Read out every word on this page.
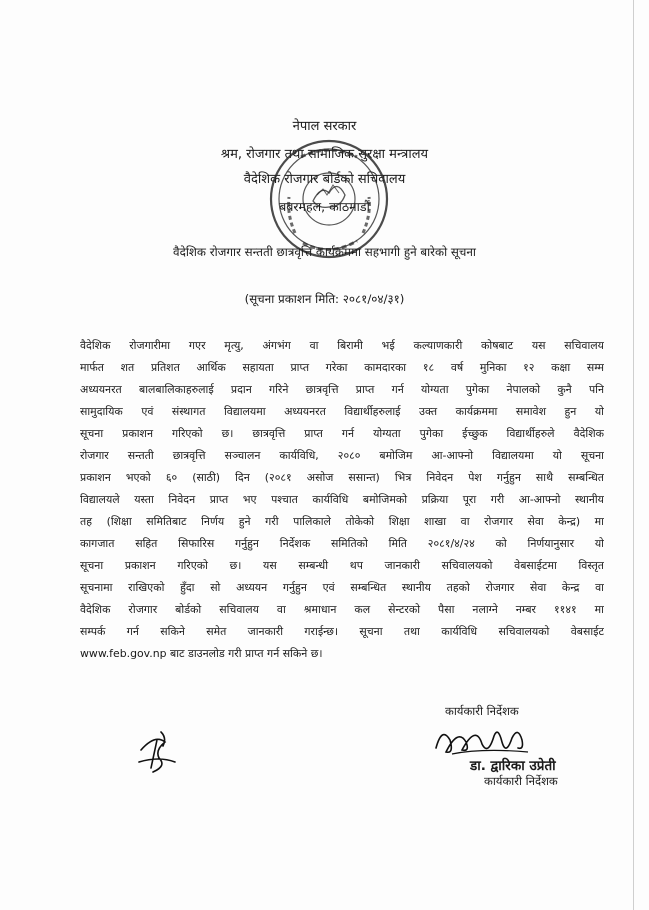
नेपाल सरकार
श्रम, रोजगार तथा सामाजिक सुरक्षा मन्त्रालय
वैदेशिक रोजगार बोर्डको सचिवालय
बबरमहल, काठमाडौं
वैदेशिक रोजगार सन्तती छात्रवृत्ति कार्यक्रममा सहभागी हुने बारेको सूचना
(सूचना प्रकाशन मिति: २०८१/०४/३१)
वैदेशिक रोजगारीमा गएर मृत्यु, अंगभंग वा बिरामी भई कल्याणकारी कोषबाट यस सचिवालय
मार्फत शत प्रतिशत आर्थिक सहायता प्राप्त गरेका कामदारका १८ वर्ष मुनिका १२ कक्षा सम्म
अध्ययनरत बालबालिकाहरुलाई प्रदान गरिने छात्रवृत्ति प्राप्त गर्न योग्यता पुगेका नेपालको कुनै पनि
सामुदायिक एवं संस्थागत विद्यालयमा अध्ययनरत विद्यार्थीहरुलाई उक्त कार्यक्रममा समावेश हुन यो
सूचना प्रकाशन गरिएको छ। छात्रवृत्ति प्राप्त गर्न योग्यता पुगेका ईच्छुक विद्यार्थीहरुले वैदेशिक
रोजगार सन्तती छात्रवृत्ति सञ्चालन कार्यविधि, २०८० बमोजिम आ-आफ्नो विद्यालयमा यो सूचना
प्रकाशन भएको ६० (साठी) दिन (२०८१ असोज ससान्त) भित्र निवेदन पेश गर्नुहुन साथै सम्बन्धित
विद्यालयले यस्ता निवेदन प्राप्त भए पश्चात कार्यविधि बमोजिमको प्रक्रिया पूरा गरी आ-आफ्नो स्थानीय
तह (शिक्षा समितिबाट निर्णय हुने गरी पालिकाले तोकेको शिक्षा शाखा वा रोजगार सेवा केन्द्र) मा
कागजात सहित सिफारिस गर्नुहुन निर्देशक समितिको मिति २०८१/४/२४ को निर्णयानुसार यो
सूचना प्रकाशन गरिएको छ। यस सम्बन्धी थप जानकारी सचिवालयको वेबसाईटमा विस्तृत
सूचनामा राखिएको हुँदा सो अध्ययन गर्नुहुन एवं सम्बन्धित स्थानीय तहको रोजगार सेवा केन्द्र वा
वैदेशिक रोजगार बोर्डको सचिवालय वा श्रमाधान कल सेन्टरको पैसा नलाग्ने नम्बर ११४१ मा
सम्पर्क गर्न सकिने समेत जानकारी गराईन्छ। सूचना तथा कार्यविधि सचिवालयको वेबसाईट
www.feb.gov.np बाट डाउनलोड गरी प्राप्त गर्न सकिने छ।
कार्यकारी निर्देशक
डा. द्वारिका उप्रेती
कार्यकारी निर्देशक
